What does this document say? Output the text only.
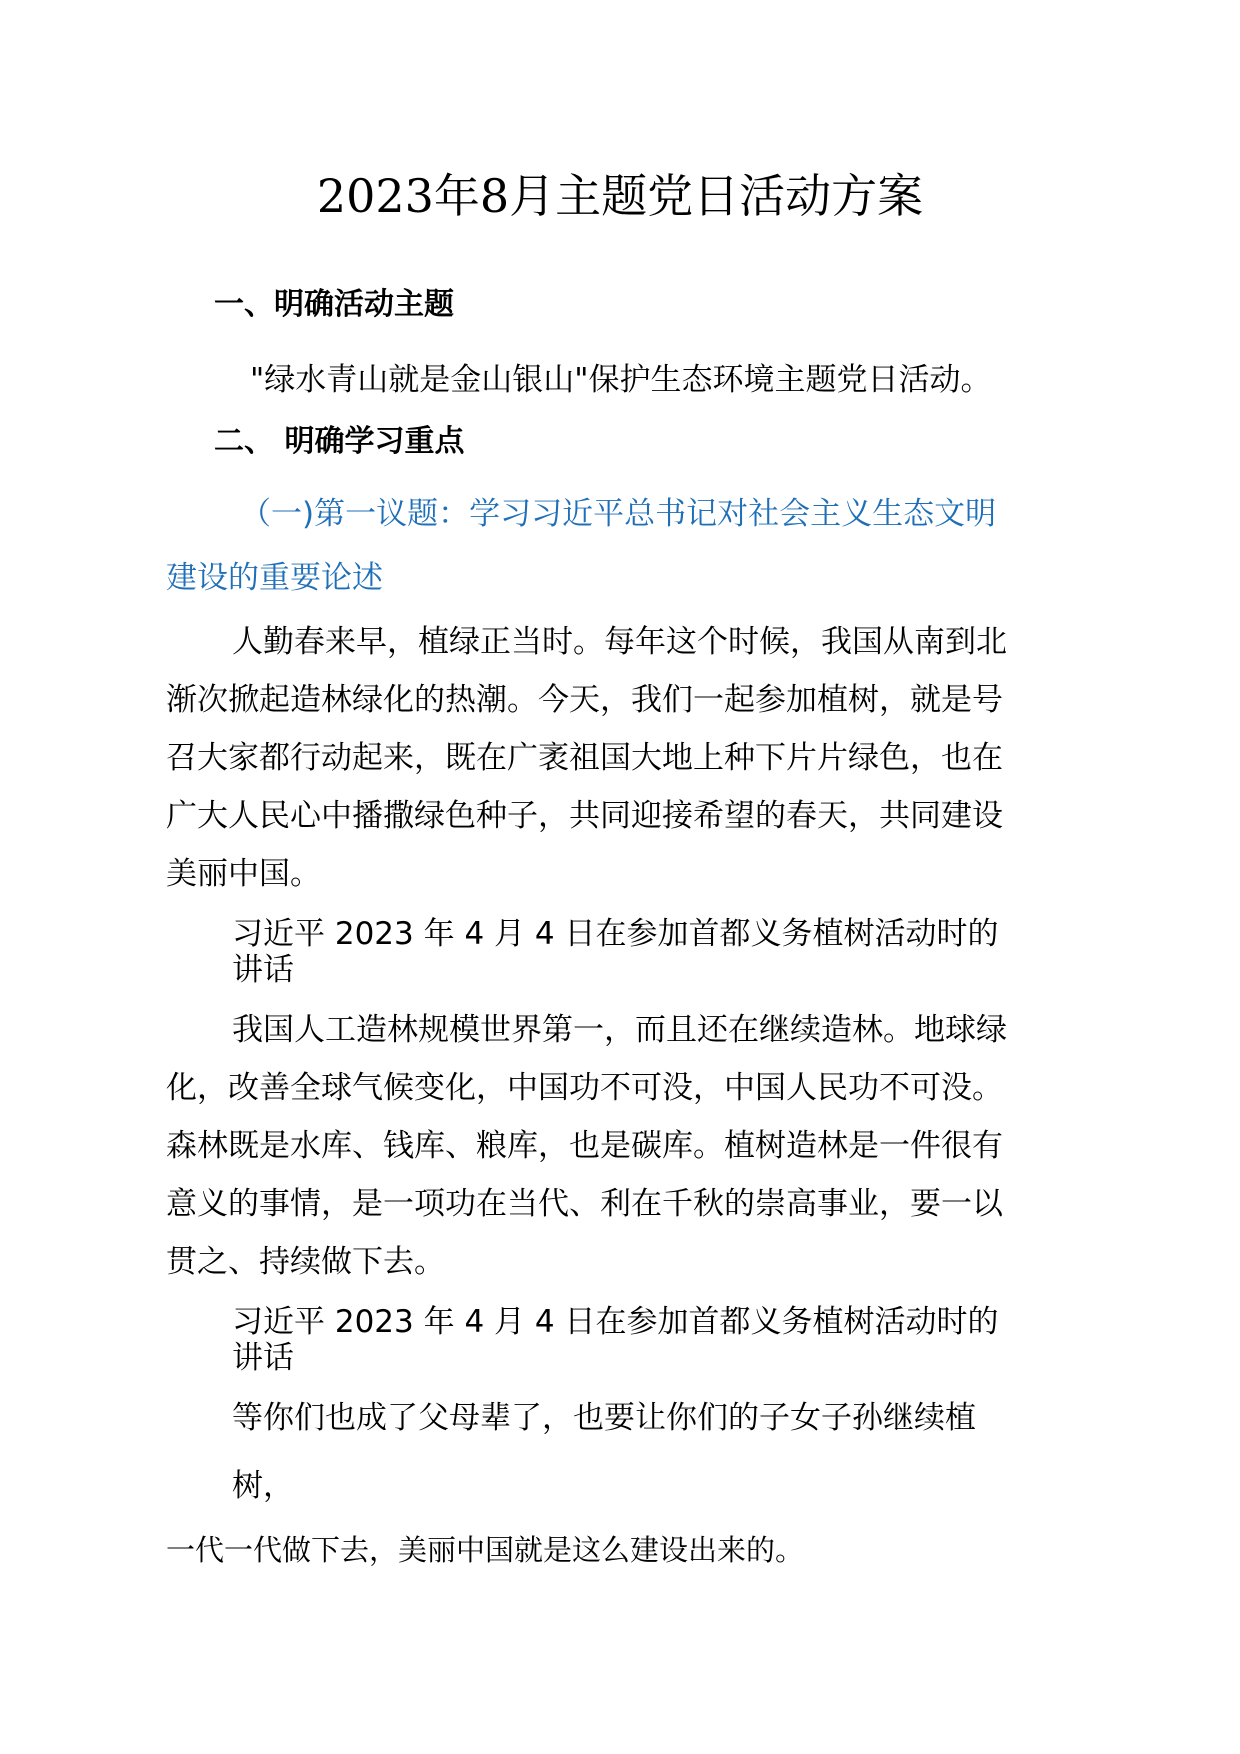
2023年8月主题党日活动方案
一、明确活动主题
"绿水青山就是金山银山"保护生态环境主题党日活动。
二、 明确学习重点
（一)第一议题：学习习近平总书记对社会主义生态文明
建设的重要论述
人勤春来早，植绿正当时。每年这个时候，我国从南到北
渐次掀起造林绿化的热潮。今天，我们一起参加植树，就是号
召大家都行动起来，既在广袤祖国大地上种下片片绿色，也在
广大人民心中播撒绿色种子，共同迎接希望的春天，共同建设
美丽中国。
习近平 2023 年 4 月 4 日在参加首都义务植树活动时的
讲话
我国人工造林规模世界第一，而且还在继续造林。地球绿
化，改善全球气候变化，中国功不可没，中国人民功不可没。
森林既是水库、钱库、粮库，也是碳库。植树造林是一件很有
意义的事情，是一项功在当代、利在千秋的崇高事业，要一以
贯之、持续做下去。
习近平 2023 年 4 月 4 日在参加首都义务植树活动时的
讲话
等你们也成了父母辈了，也要让你们的子女子孙继续植
树，
一代一代做下去，美丽中国就是这么建设出来的。
